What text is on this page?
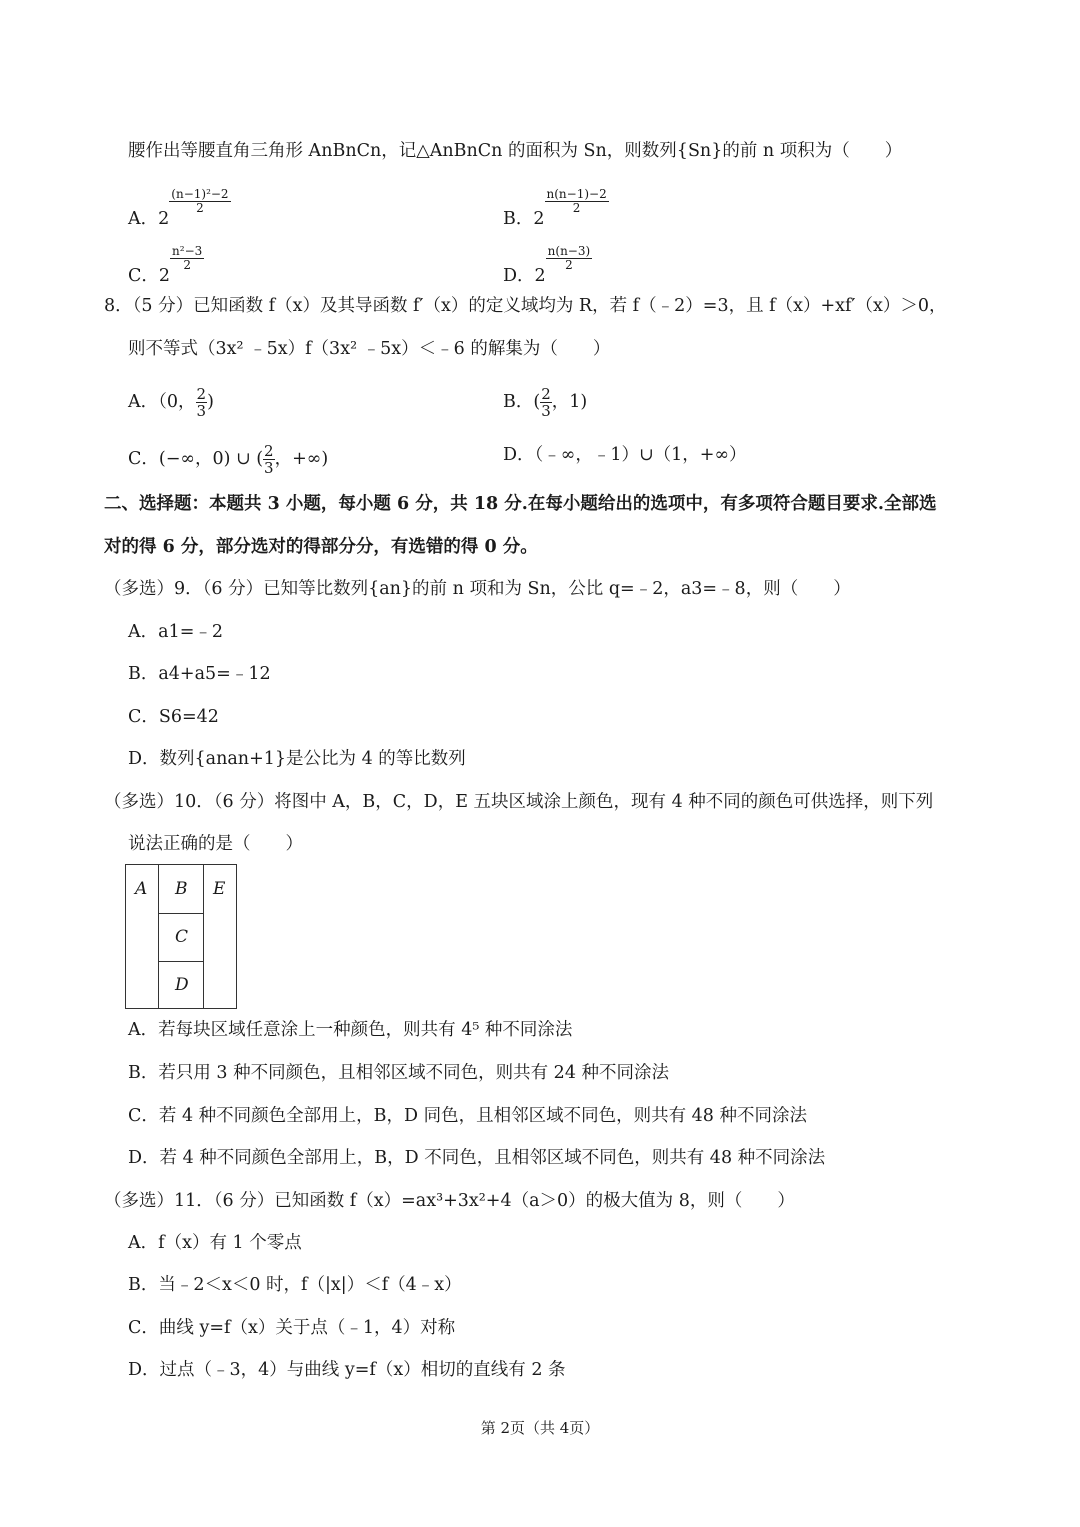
腰作出等腰直角三角形 AnBnCn，记△AnBnCn 的面积为 Sn，则数列{Sn}的前 n 项积为（　　）
A．2
$\frac{\text{(n−1)²−2}}{2}$
B．2
$\frac{n(n-1)-2}{2}$
C．2
$\frac{\text{n²−3}}{2}$
D．2
$\frac{n(n-3)}{2}$
8．（5 分）已知函数 f（x）及其导函数 f′（x）的定义域均为 R，若 f（﹣2）=3，且 f（x）+xf′（x）＞0，
则不等式（3x² ﹣5x）f（3x² ﹣5x）＜﹣6 的解集为（　　）
A．（0， $\frac{2}{3}$ )	B．( $\frac{2}{3}$ ，1)
C．(−∞，0) ∪ ( $\frac{2}{3}$ ，+∞)	D．（﹣∞，﹣1）∪（1，+∞）
二、选择题：本题共 3 小题，每小题 6 分，共 18 分.在每小题给出的选项中，有多项符合题目要求.全部选
对的得 6 分，部分选对的得部分分，有选错的得 0 分。
（多选）9．（6 分）已知等比数列{an}的前 n 项和为 Sn，公比 q=﹣2，a3=﹣8，则（　　）
A．a1=﹣2
B．a4+a5=﹣12
C．S6=42
D．数列{anan+1}是公比为 4 的等比数列
（多选）10．（6 分）将图中 A，B，C，D，E 五块区域涂上颜色，现有 4 种不同的颜色可供选择，则下列
说法正确的是（　　）
A B
C
D
E
A．若每块区域任意涂上一种颜色，则共有 4⁵ 种不同涂法
B．若只用 3 种不同颜色，且相邻区域不同色，则共有 24 种不同涂法
C．若 4 种不同颜色全部用上，B，D 同色，且相邻区域不同色，则共有 48 种不同涂法
D．若 4 种不同颜色全部用上，B，D 不同色，且相邻区域不同色，则共有 48 种不同涂法
（多选）11．（6 分）已知函数 f（x）=ax³+3x²+4（a＞0）的极大值为 8，则（　　）
A．f（x）有 1 个零点
B．当﹣2＜x＜0 时，f（|x|）＜f（4﹣x）
C．曲线 y=f（x）关于点（﹣1，4）对称
D．过点（﹣3，4）与曲线 y=f（x）相切的直线有 2 条
第 2页（共 4页）
